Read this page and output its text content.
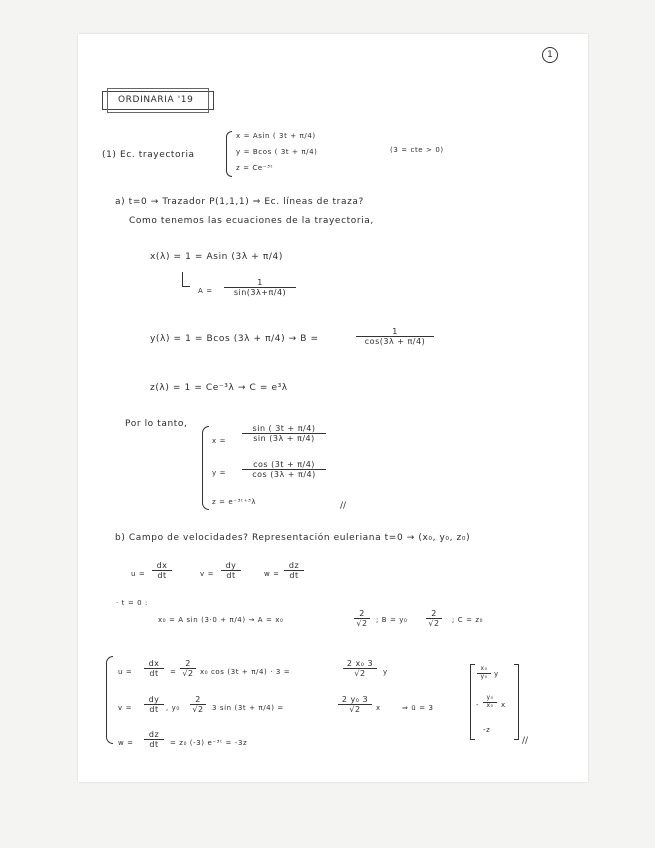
1
ORDINARIA '19
(1) Ec. trayectoria
x = Asin ( 3t + π/4)
y = Bcos ( 3t + π/4)
z = Ce⁻³ᵗ
(3 = cte > 0)
a) t=0 → Trazador P(1,1,1) ⇒ Ec. líneas de traza?
Como tenemos las ecuaciones de la trayectoria,
x(λ) = 1 = Asin (3λ + π/4)
A =
1
sin(3λ+π/4)
y(λ) = 1 = Bcos (3λ + π/4) → B =
1
cos(3λ + π/4)
z(λ) = 1 = Ce⁻³λ → C = e³λ
Por lo tanto,
x =
sin ( 3t + π/4)
sin (3λ + π/4)
y =
cos (3t + π/4)
cos (3λ + π/4)
z = e⁻³ᵗ⁺³λ	//
b) Campo de velocidades? Representación euleriana t=0 → (x₀, y₀, z₀)
u =
dx
dt	v =
dy
dt	w =
dz
dt
· t = 0 :
x₀ = A sin (3·0 + π/4) → A = x₀
2
√2 ; B = y₀
2
√2 ; C = z₀
u =
dx
dt =
2
√2 x₀ cos (3t + π/4) · 3 =
2 x₀ 3
√2 y
v =
dy
dt , y₀
2
√2 3 sin (3t + π/4) =
2 y₀ 3
√2 x	⇒ ū = 3
x₀
y₀ y
-
y₀
x₀ x
-z
//
w =
dz
dt = z₀ (-3) e⁻³ᵗ = -3z
